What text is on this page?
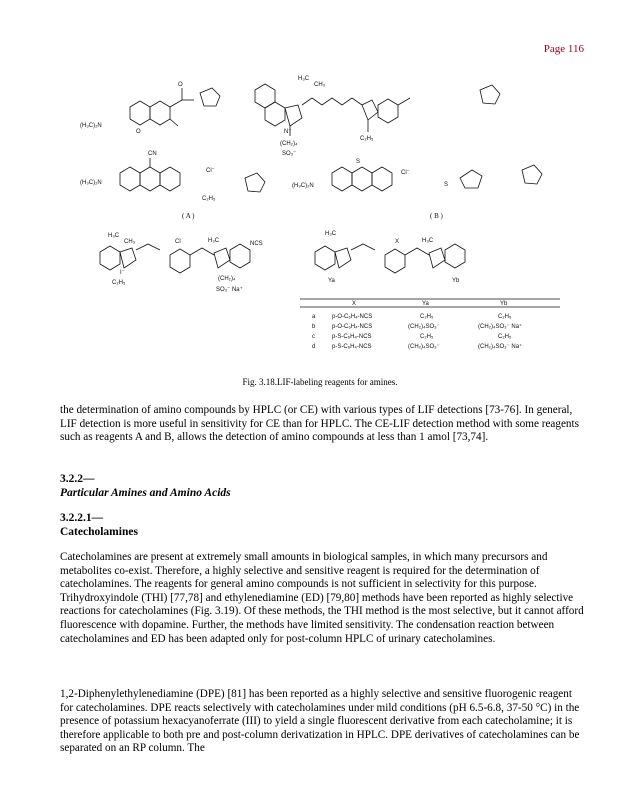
Page 116
(H₃C)₂N
O
O
H₃C
CH₃
N⁺
(CH₂)₄
SO₃⁻
C₂H₅
CN
(H₃C)₂N
Cl⁻
C₂H₅
( A )
(H₃C)₂N
S
Cl⁻
S
( B )
H₃C
CH₃	Cl	H₃C	NCS
I⁻
C₂H₅
(CH₂)₄
SO₃⁻ Na⁺
H₃C
X	H₃C
Ya	Yb
X	Ya	Yb
a	p-O-C₆H₄-NCS	C₂H₅	C₂H₅
b	p-O-C₆H₄-NCS	(CH₂)₄SO₃⁻	(CH₂)₄SO₃⁻ Na⁺
c	p-S-C₆H₄-NCS	C₂H₅	C₂H₅
d	p-S-C₆H₄-NCS	(CH₂)₄SO₃⁻	(CH₂)₄SO₃⁻ Na⁺
Fig. 3.18.LIF-labeling reagents for amines.

the determination of amino compounds by HPLC (or CE) with various types of LIF detections [73-76]. In general, LIF detection is more useful in sensitivity for CE than for HPLC. The CE-LIF detection method with some reagents such as reagents A and B, allows the detection of amino compounds at less than 1 amol [73,74].

3.2.2—
Particular Amines and Amino Acids
3.2.2.1—
Catecholamines

Catecholamines are present at extremely small amounts in biological samples, in which many precursors and metabolites co-exist. Therefore, a highly selective and sensitive reagent is required for the determination of catecholamines. The reagents for general amino compounds is not sufficient in selectivity for this purpose. Trihydroxyindole (THI) [77,78] and ethylenediamine (ED) [79,80] methods have been reported as highly selective reactions for catecholamines (Fig. 3.19). Of these methods, the THI method is the most selective, but it cannot afford fluorescence with dopamine. Further, the methods have limited sensitivity. The condensation reaction between catecholamines and ED has been adapted only for post-column HPLC of urinary catecholamines.

1,2-Diphenylethylenediamine (DPE) [81] has been reported as a highly selective and sensitive fluorogenic reagent for catecholamines. DPE reacts selectively with catecholamines under mild conditions (pH 6.5-6.8, 37-50 °C) in the presence of potassium hexacyanoferrate (III) to yield a single fluorescent derivative from each catecholamine; it is therefore applicable to both pre and post-column derivatization in HPLC. DPE derivatives of catecholamines can be separated on an RP column. The
